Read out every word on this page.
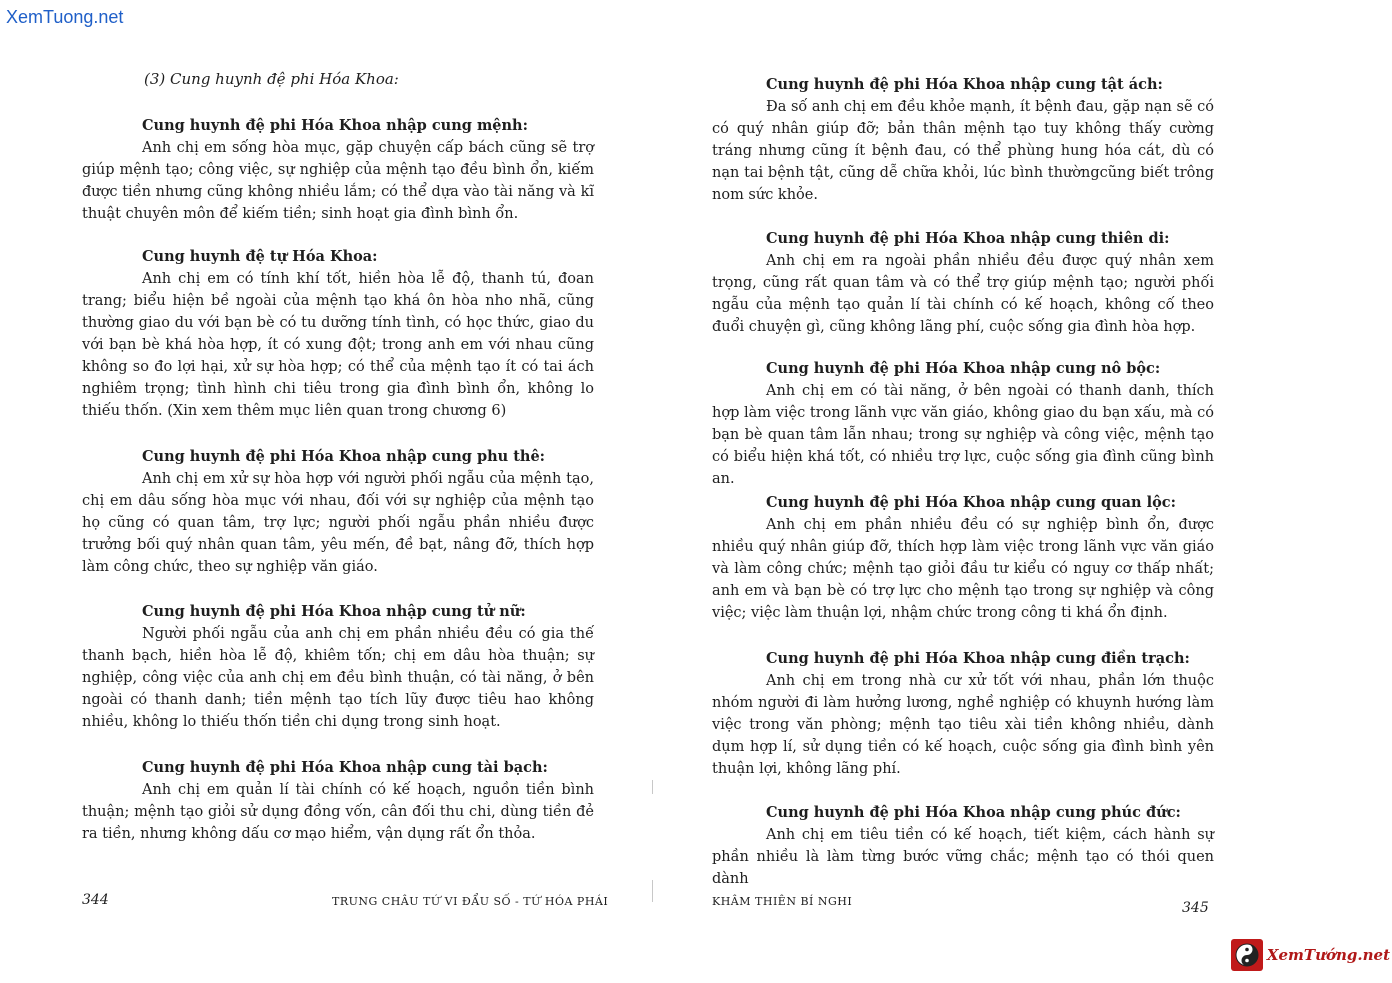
XemTuong.net
(3) Cung huynh đệ phi Hóa Khoa:
Cung huynh đệ phi Hóa Khoa nhập cung mệnh:

Anh chị em sống hòa mục, gặp chuyện cấp bách cũng sẽ trợ giúp mệnh tạo; công việc, sự nghiệp của mệnh tạo đều bình ổn, kiếm được tiền nhưng cũng không nhiều lắm; có thể dựa vào tài năng và kĩ thuật chuyên môn để kiếm tiền; sinh hoạt gia đình bình ổn.

Cung huynh đệ tự Hóa Khoa:

Anh chị em có tính khí tốt, hiền hòa lễ độ, thanh tú, đoan trang; biểu hiện bề ngoài của mệnh tạo khá ôn hòa nho nhã, cũng thường giao du với bạn bè có tu dưỡng tính tình, có học thức, giao du với bạn bè khá hòa hợp, ít có xung đột; trong anh em với nhau cũng không so đo lợi hại, xử sự hòa hợp; có thể của mệnh tạo ít có tai ách nghiêm trọng; tình hình chi tiêu trong gia đình bình ổn, không lo thiếu thốn. (Xin xem thêm mục liên quan trong chương 6)

Cung huynh đệ phi Hóa Khoa nhập cung phu thê:

Anh chị em xử sự hòa hợp với người phối ngẫu của mệnh tạo, chị em dâu sống hòa mục với nhau, đối với sự nghiệp của mệnh tạo họ cũng có quan tâm, trợ lực; người phối ngẫu phần nhiều được trưởng bối quý nhân quan tâm, yêu mến, đề bạt, nâng đỡ, thích hợp làm công chức, theo sự nghiệp văn giáo.

Cung huynh đệ phi Hóa Khoa nhập cung tử nữ:

Người phối ngẫu của anh chị em phần nhiều đều có gia thế thanh bạch, hiền hòa lễ độ, khiêm tốn; chị em dâu hòa thuận; sự nghiệp, công việc của anh chị em đều bình thuận, có tài năng, ở bên ngoài có thanh danh; tiền mệnh tạo tích lũy được tiêu hao không nhiều, không lo thiếu thốn tiền chi dụng trong sinh hoạt.

Cung huynh đệ phi Hóa Khoa nhập cung tài bạch:

Anh chị em quản lí tài chính có kế hoạch, nguồn tiền bình thuận; mệnh tạo giỏi sử dụng đồng vốn, cân đối thu chi, dùng tiền đẻ ra tiền, nhưng không dấu cơ mạo hiểm, vận dụng rất ổn thỏa.

344	TRUNG CHÂU TỨ VI ĐẨU SỐ - TỨ HÓA PHÁI
Cung huynh đệ phi Hóa Khoa nhập cung tật ách:

Đa số anh chị em đều khỏe mạnh, ít bệnh đau, gặp nạn sẽ có có quý nhân giúp đỡ; bản thân mệnh tạo tuy không thấy cường tráng nhưng cũng ít bệnh đau, có thể phùng hung hóa cát, dù có nạn tai bệnh tật, cũng dễ chữa khỏi, lúc bình thườngcũng biết trông nom sức khỏe.

Cung huynh đệ phi Hóa Khoa nhập cung thiên di:

Anh chị em ra ngoài phần nhiều đều được quý nhân xem trọng, cũng rất quan tâm và có thể trợ giúp mệnh tạo; người phối ngẫu của mệnh tạo quản lí tài chính có kế hoạch, không cố theo đuổi chuyện gì, cũng không lãng phí, cuộc sống gia đình hòa hợp.

Cung huynh đệ phi Hóa Khoa nhập cung nô bộc:

Anh chị em có tài năng, ở bên ngoài có thanh danh, thích hợp làm việc trong lãnh vực văn giáo, không giao du bạn xấu, mà có bạn bè quan tâm lẫn nhau; trong sự nghiệp và công việc, mệnh tạo có biểu hiện khá tốt, có nhiều trợ lực, cuộc sống gia đình cũng bình an.

Cung huynh đệ phi Hóa Khoa nhập cung quan lộc:

Anh chị em phần nhiều đều có sự nghiệp bình ổn, được nhiều quý nhân giúp đỡ, thích hợp làm việc trong lãnh vực văn giáo và làm công chức; mệnh tạo giỏi đầu tư kiểu có nguy cơ thấp nhất; anh em và bạn bè có trợ lực cho mệnh tạo trong sự nghiệp và công việc; việc làm thuận lợi, nhậm chức trong công ti khá ổn định.

Cung huynh đệ phi Hóa Khoa nhập cung điền trạch:

Anh chị em trong nhà cư xử tốt với nhau, phần lớn thuộc nhóm người đi làm hưởng lương, nghề nghiệp có khuynh hướng làm việc trong văn phòng; mệnh tạo tiêu xài tiền không nhiều, dành dụm hợp lí, sử dụng tiền có kế hoạch, cuộc sống gia đình bình yên thuận lợi, không lãng phí.

Cung huynh đệ phi Hóa Khoa nhập cung phúc đức:

Anh chị em tiêu tiền có kế hoạch, tiết kiệm, cách hành sự phần nhiều là làm từng bước vững chắc; mệnh tạo có thói quen dành

KHÂM THIÊN BÍ NGHI	345
XemTướng.net
